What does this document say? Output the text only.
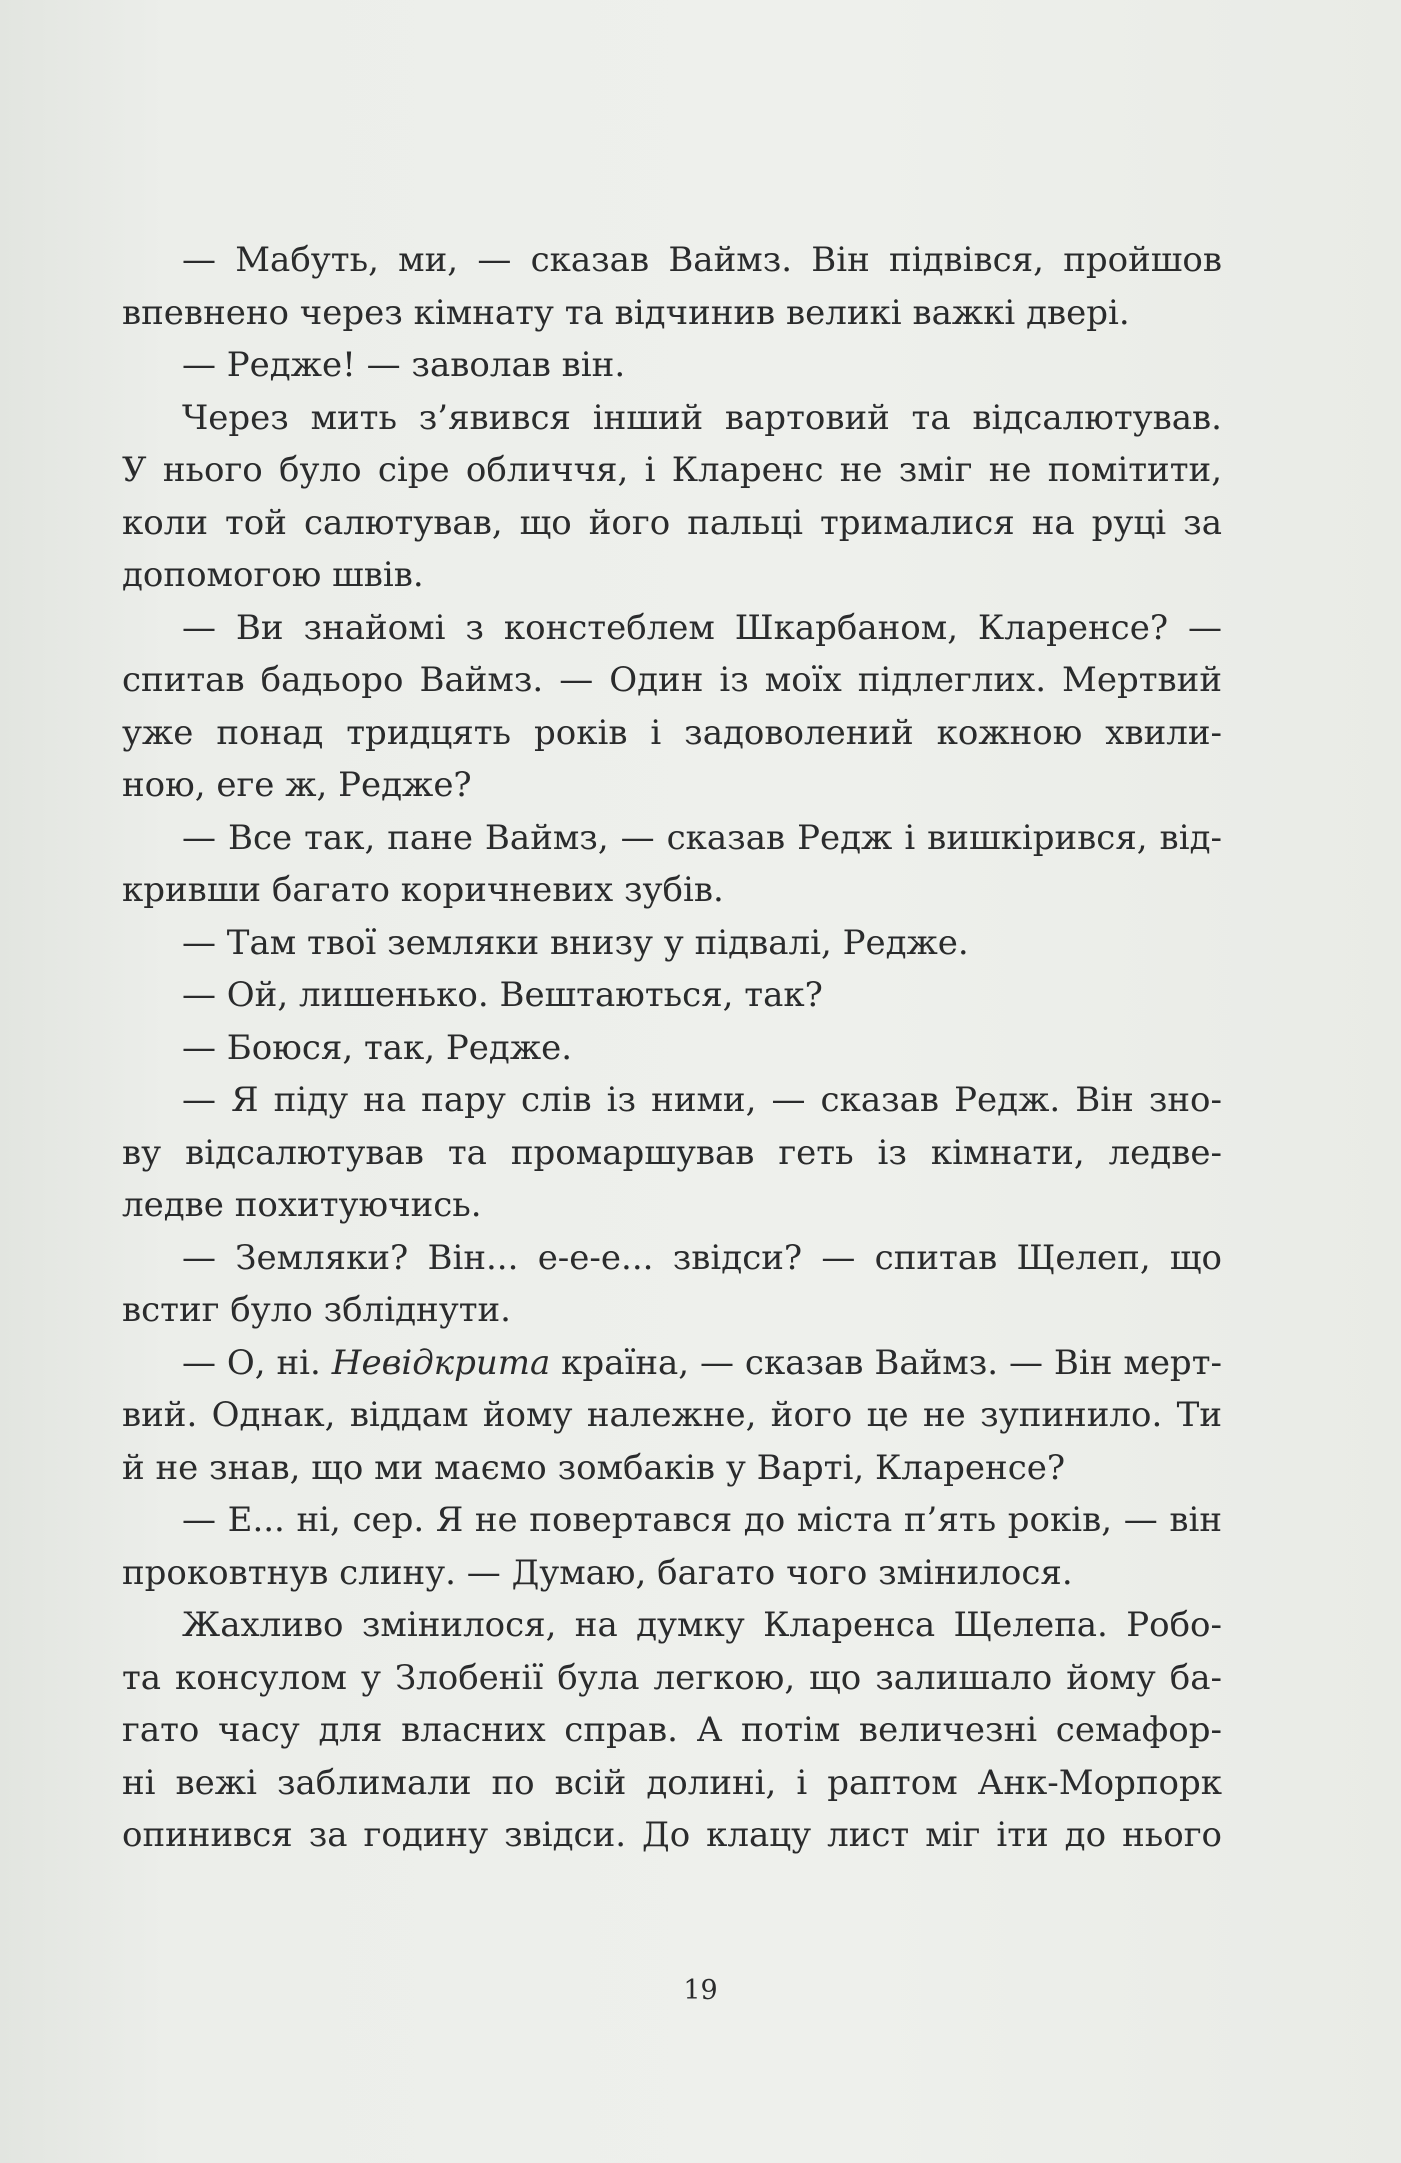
— Мабуть, ми, — сказав Ваймз. Він підвівся, пройшов
впевнено через кімнату та відчинив великі важкі двері.
— Редже! — заволав він.
Через мить з’явився інший вартовий та відсалютував.
У нього було сіре обличчя, і Кларенс не зміг не помітити,
коли той салютував, що його пальці трималися на руці за
допомогою швів.
— Ви знайомі з констеблем Шкарбаном, Кларенсе? —
спитав бадьоро Ваймз. — Один із моїх підлеглих. Мертвий
уже понад тридцять років і задоволений кожною хвили-
ною, еге ж, Редже?
— Все так, пане Ваймз, — сказав Редж і вишкірився, від-
кривши багато коричневих зубів.
— Там твої земляки внизу у підвалі, Редже.
— Ой, лишенько. Вештаються, так?
— Боюся, так, Редже.
— Я піду на пару слів із ними, — сказав Редж. Він зно-
ву відсалютував та промаршував геть із кімнати, ледве-
ледве похитуючись.
— Земляки? Він... е-е-е... звідси? — спитав Щелеп, що
встиг було збліднути.
— О, ні. Невідкрита країна, — сказав Ваймз. — Він мерт-
вий. Однак, віддам йому належне, його це не зупинило. Ти
й не знав, що ми маємо зомбаків у Варті, Кларенсе?
— Е... ні, сер. Я не повертався до міста п’ять років, — він
проковтнув слину. — Думаю, багато чого змінилося.
Жахливо змінилося, на думку Кларенса Щелепа. Робо-
та консулом у Злобенії була легкою, що залишало йому ба-
гато часу для власних справ. А потім величезні семафор-
ні вежі заблимали по всій долині, і раптом Анк-Морпорк
опинився за годину звідси. До клацу лист міг іти до нього
19
